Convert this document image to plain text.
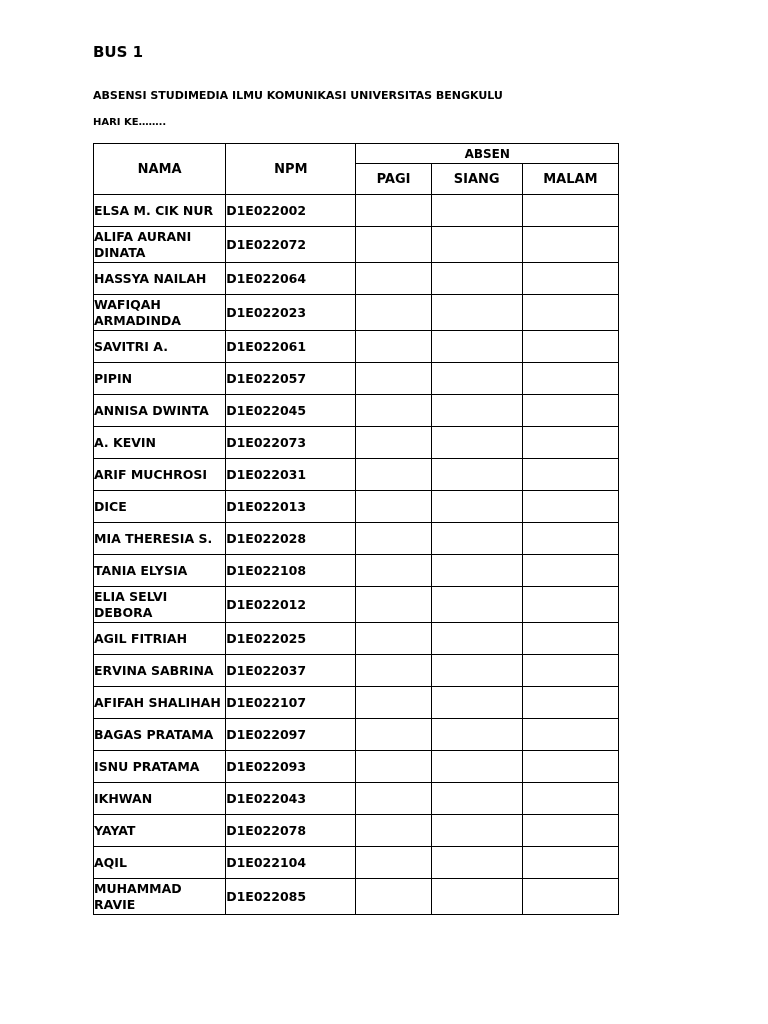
BUS 1
ABSENSI STUDIMEDIA ILMU KOMUNIKASI UNIVERSITAS BENGKULU
HARI KE……..
NAMA	NPM	ABSEN		
		PAGI	SIANG	MALAM
ELSA M. CIK NUR	D1E022002			
ALIFA AURANI DINATA	D1E022072			
HASSYA NAILAH	D1E022064			
WAFIQAH ARMADINDA	D1E022023			
SAVITRI A.	D1E022061			
PIPIN	D1E022057			
ANNISA DWINTA	D1E022045			
A. KEVIN	D1E022073			
ARIF MUCHROSI	D1E022031			
DICE	D1E022013			
MIA THERESIA S.	D1E022028			
TANIA ELYSIA	D1E022108			
ELIA SELVI DEBORA	D1E022012			
AGIL FITRIAH	D1E022025			
ERVINA SABRINA	D1E022037			
AFIFAH SHALIHAH	D1E022107			
BAGAS PRATAMA	D1E022097			
ISNU PRATAMA	D1E022093			
IKHWAN	D1E022043			
YAYAT	D1E022078			
AQIL	D1E022104			
MUHAMMAD RAVIE	D1E022085			
